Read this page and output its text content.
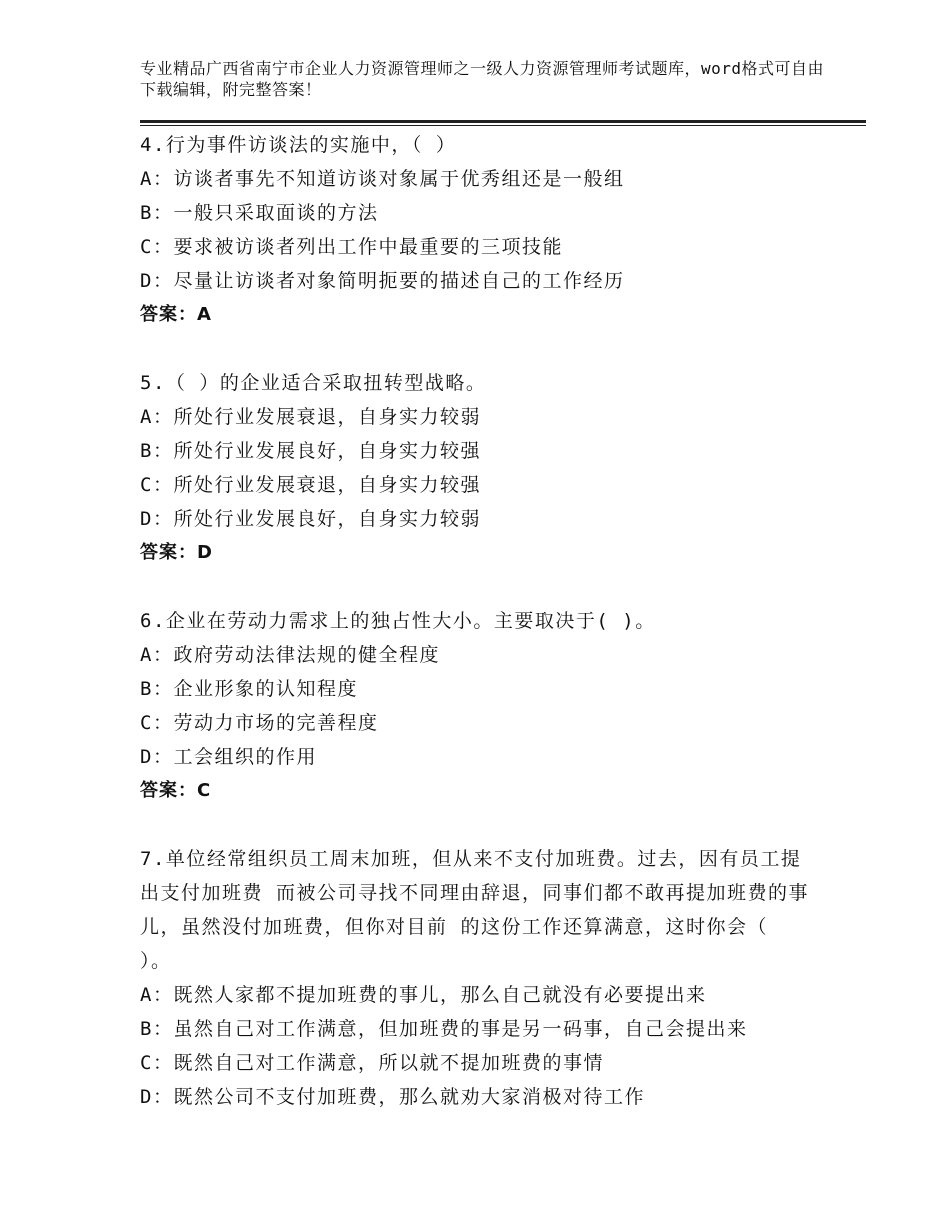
专业精品广西省南宁市企业人力资源管理师之一级人力资源管理师考试题库，word格式可自由下载编辑，附完整答案！
4.行为事件访谈法的实施中，（ ）
A：访谈者事先不知道访谈对象属于优秀组还是一般组
B：一般只采取面谈的方法
C：要求被访谈者列出工作中最重要的三项技能
D：尽量让访谈者对象简明扼要的描述自己的工作经历
答案：A
5.（ ）的企业适合采取扭转型战略。
A：所处行业发展衰退，自身实力较弱
B：所处行业发展良好，自身实力较强
C：所处行业发展衰退，自身实力较强
D：所处行业发展良好，自身实力较弱
答案：D
6.企业在劳动力需求上的独占性大小。主要取决于( )。
A：政府劳动法律法规的健全程度
B：企业形象的认知程度
C：劳动力市场的完善程度
D：工会组织的作用
答案：C
7.单位经常组织员工周末加班，但从来不支付加班费。过去，因有员工提出支付加班费 而被公司寻找不同理由辞退，同事们都不敢再提加班费的事儿，虽然没付加班费，但你对目前 的这份工作还算满意，这时你会（ ）。
A：既然人家都不提加班费的事儿，那么自己就没有必要提出来
B：虽然自己对工作满意，但加班费的事是另一码事，自己会提出来
C：既然自己对工作满意，所以就不提加班费的事情
D：既然公司不支付加班费，那么就劝大家消极对待工作
